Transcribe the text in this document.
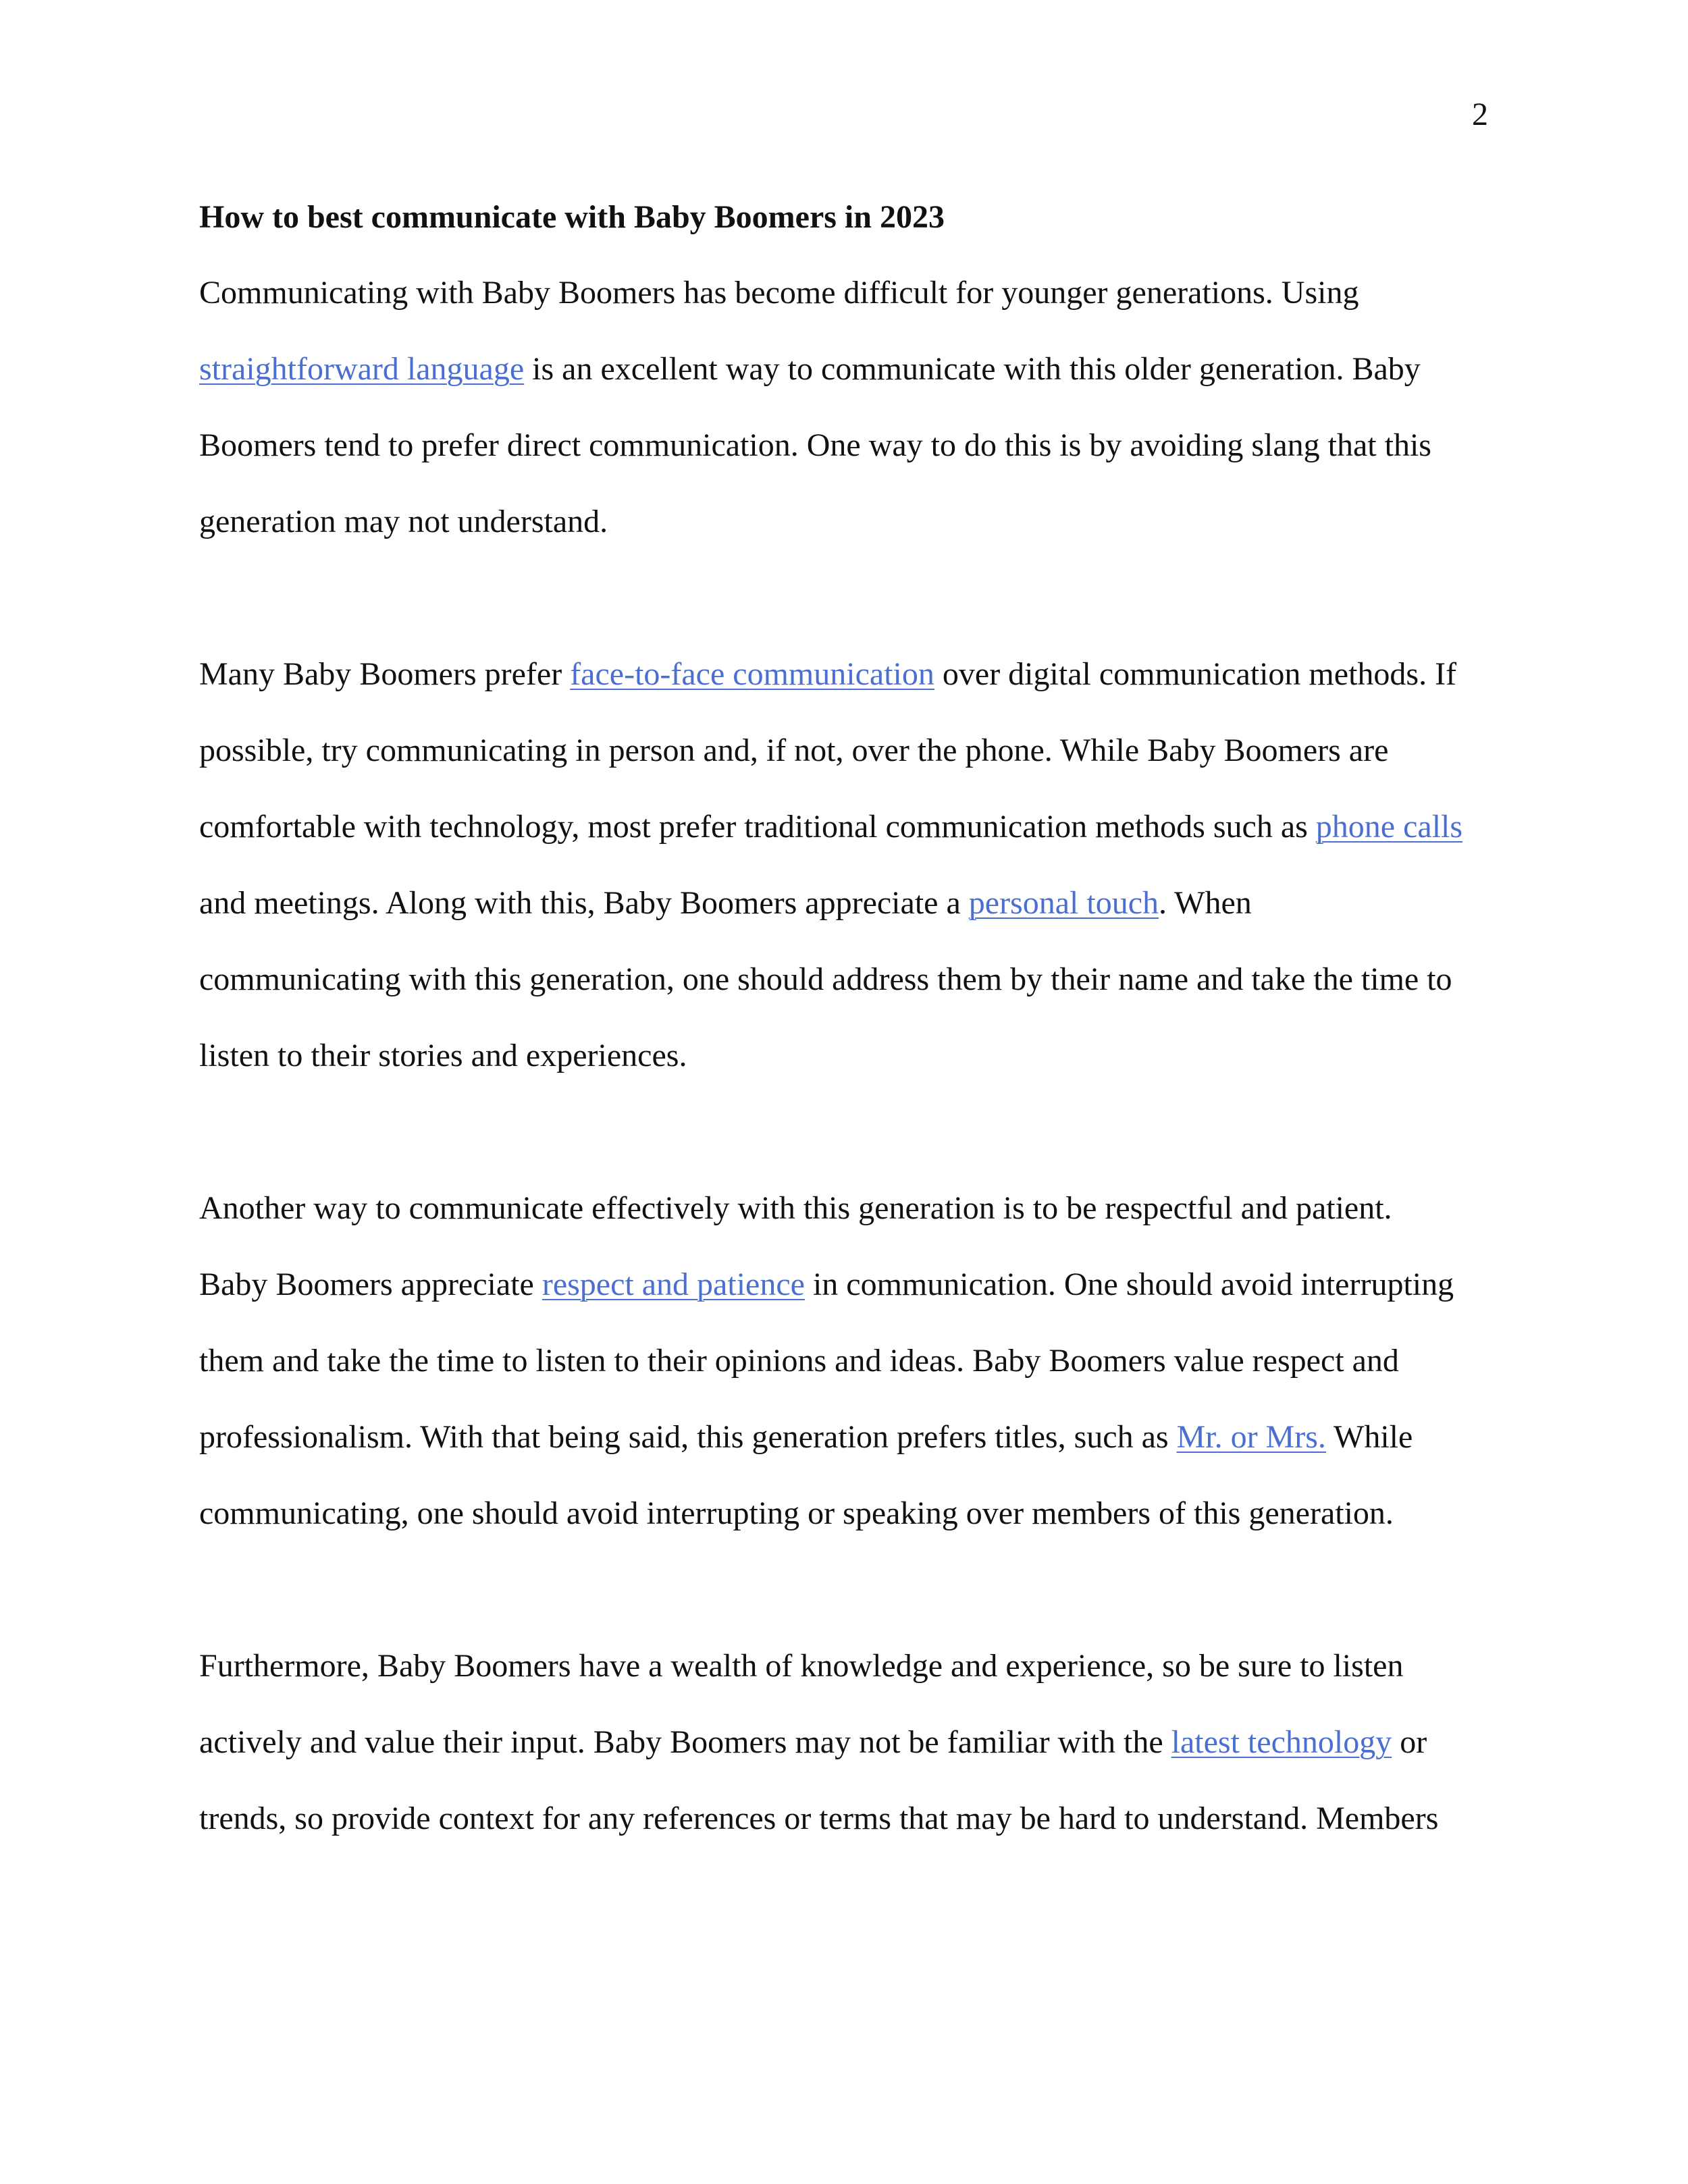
2
How to best communicate with Baby Boomers in 2023
Communicating with Baby Boomers has become difficult for younger generations. Using
straightforward language is an excellent way to communicate with this older generation. Baby
Boomers tend to prefer direct communication. One way to do this is by avoiding slang that this
generation may not understand.
Many Baby Boomers prefer face-to-face communication over digital communication methods. If
possible, try communicating in person and, if not, over the phone. While Baby Boomers are
comfortable with technology, most prefer traditional communication methods such as phone calls
and meetings. Along with this, Baby Boomers appreciate a personal touch. When
communicating with this generation, one should address them by their name and take the time to
listen to their stories and experiences.
Another way to communicate effectively with this generation is to be respectful and patient.
Baby Boomers appreciate respect and patience in communication. One should avoid interrupting
them and take the time to listen to their opinions and ideas. Baby Boomers value respect and
professionalism. With that being said, this generation prefers titles, such as Mr. or Mrs. While
communicating, one should avoid interrupting or speaking over members of this generation.
Furthermore, Baby Boomers have a wealth of knowledge and experience, so be sure to listen
actively and value their input. Baby Boomers may not be familiar with the latest technology or
trends, so provide context for any references or terms that may be hard to understand. Members
